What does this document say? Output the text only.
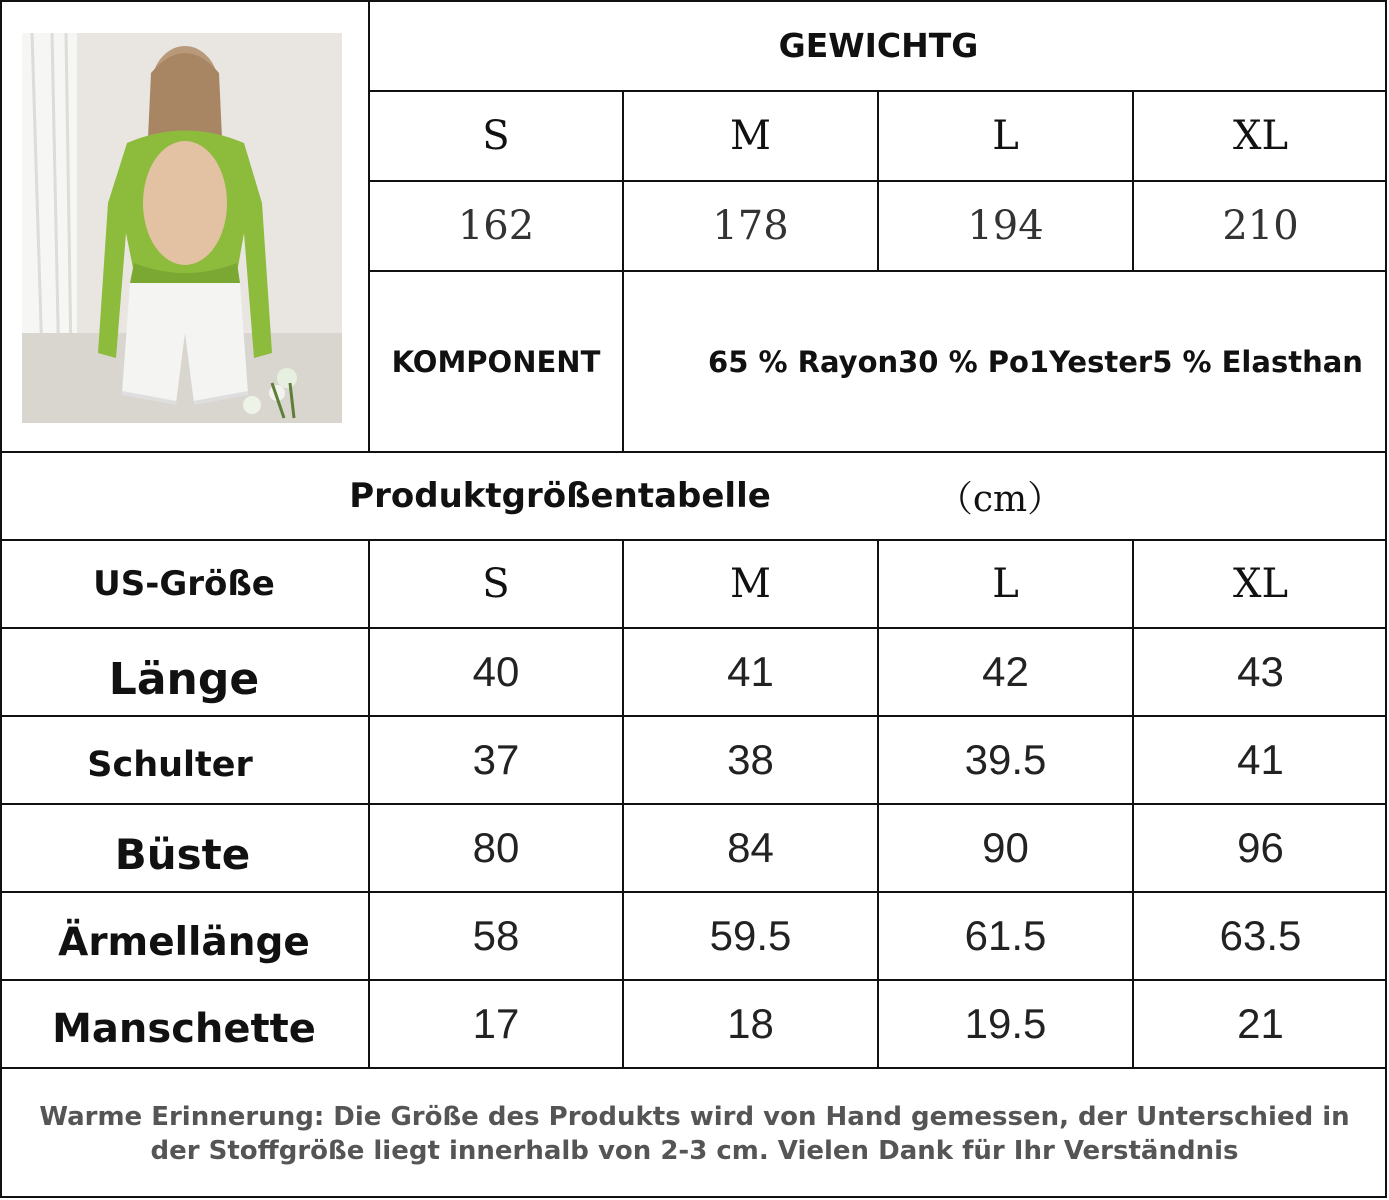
GEWICHTG
S	M	L	XL
162	178	194	210
KOMPONENT	65 % Rayon30 % Po1Yester5 % Elasthan
Produktgrößentabelle	（cm）
US-Größe	S	M	L	XL
Länge	40	41	42	43
Schulter	37	38	39.5	41
Büste	80	84	90	96
Ärmellänge	58	59.5	61.5	63.5
Manschette	17	18	19.5	21
Warme Erinnerung: Die Größe des Produkts wird von Hand gemessen, der Unterschied in
der Stoffgröße liegt innerhalb von 2-3 cm. Vielen Dank für Ihr Verständnis
